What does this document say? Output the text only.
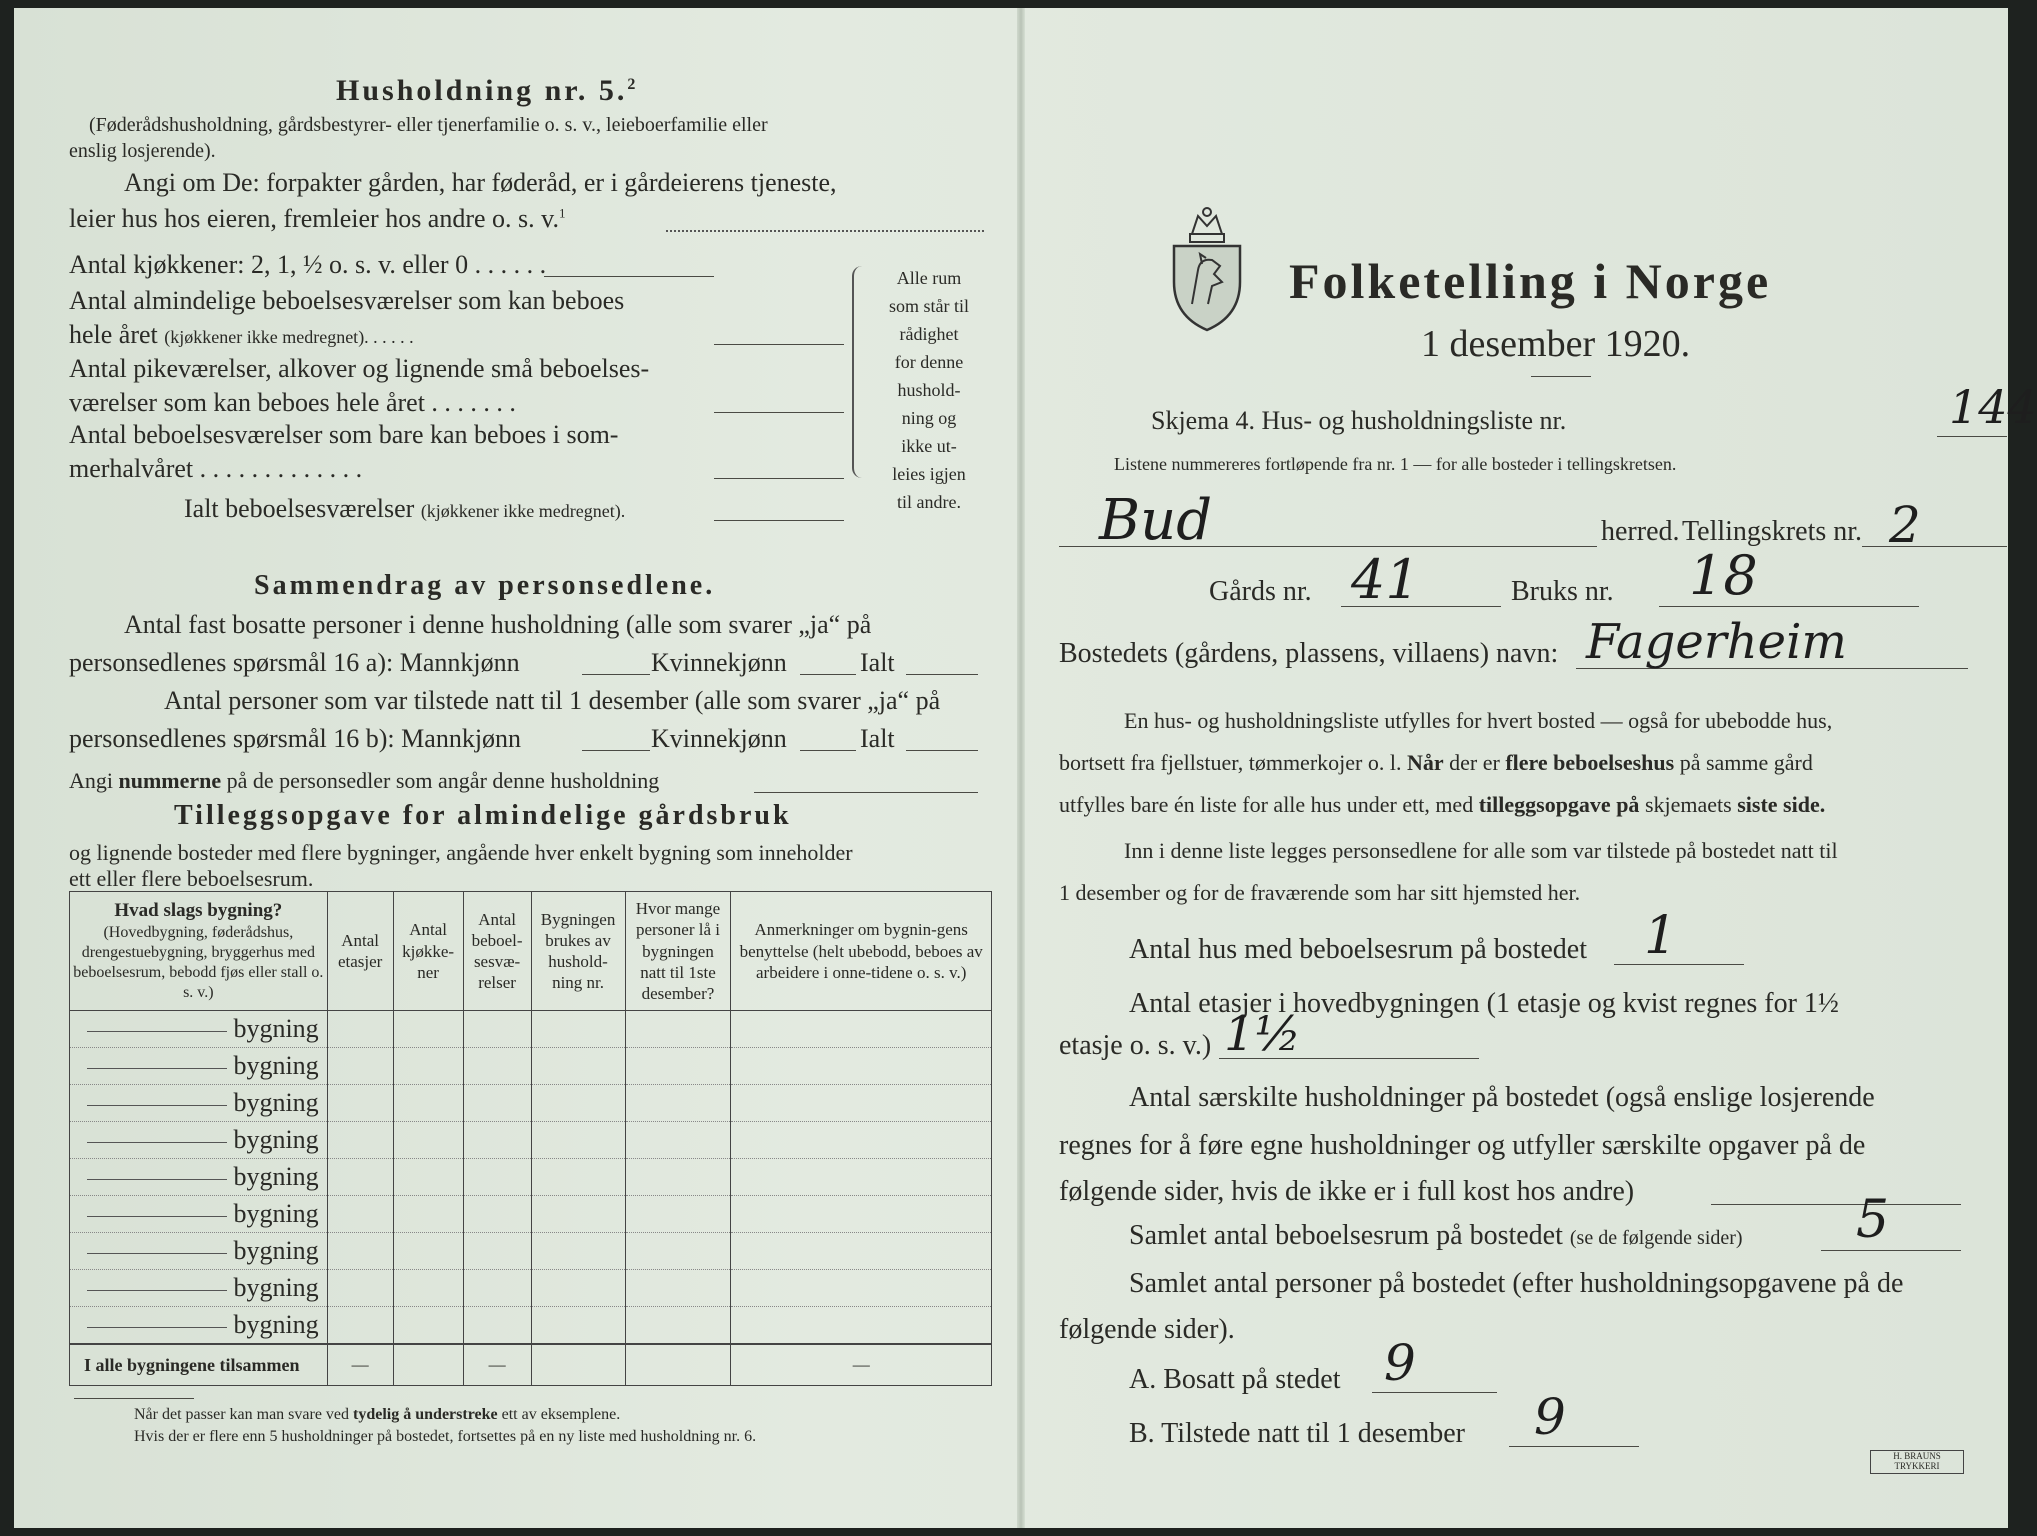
Husholdning nr. 5.$^2$
(Føderådshusholdning, gårdsbestyrer- eller tjenerfamilie o. s. v., leieboerfamilie eller
enslig losjerende).
Angi om De: forpakter gården, har føderåd, er i gårdeierens tjeneste,
leier hus hos eieren, fremleier hos andre o. s. v.$^1$
Antal kjøkkener: 2, 1, ½ o. s. v. eller 0 . . . . . .
Antal almindelige beboelsesværelser som kan beboes
hele året (kjøkkener ikke medregnet). . . . . .
Antal pikeværelser, alkover og lignende små beboelses-
værelser som kan beboes hele året . . . . . . .
Antal beboelsesværelser som bare kan beboes i som-
merhalvåret . . . . . . . . . . . . .
Ialt beboelsesværelser (kjøkkener ikke medregnet).
Alle rum
som står til
rådighet
for denne
hushold-
ning og
ikke ut-
leies igjen
til andre.
Sammendrag av personsedlene.
Antal fast bosatte personer i denne husholdning (alle som svarer „ja“ på
personsedlenes spørsmål 16 a): Mannkjønn	Kvinnekjønn	Ialt
Antal personer som var tilstede natt til 1 desember (alle som svarer „ja“ på
personsedlenes spørsmål 16 b): Mannkjønn	Kvinnekjønn	Ialt
Angi nummerne på de personsedler som angår denne husholdning
Tilleggsopgave for almindelige gårdsbruk
og lignende bosteder med flere bygninger, angående hver enkelt bygning som inneholder
ett eller flere beboelsesrum.
Hvad slags bygning?
(Hovedbygning, føderådshus, drengestuebygning, bryggerhus med beboelsesrum, bebodd fjøs eller stall o. s. v.)	Antal etasjer	Antal kjøkke-ner	Antal beboel-sesvæ-relser	Bygningen brukes av hushold-ning nr.	Hvor mange personer lå i bygningen natt til 1ste desember?	Anmerkninger om bygnin-gens benyttelse (helt ubebodd, beboes av arbeidere i onne-tidene o. s. v.)
bygning						
bygning						
bygning						
bygning						
bygning						
bygning						
bygning						
bygning						
bygning						
I alle bygningene tilsammen	—		—			—
Når det passer kan man svare ved tydelig å understreke ett av eksemplene.
Hvis der er flere enn 5 husholdninger på bostedet, fortsettes på en ny liste med husholdning nr. 6.
Folketelling i Norge
1 desember 1920.
Skjema 4. Hus- og husholdningsliste nr.	144
Listene nummereres fortløpende fra nr. 1 — for alle bosteder i tellingskretsen.
Bud	herred. Tellingskrets nr. 2
Gårds nr. 41	Bruks nr. 18
Bostedets (gårdens, plassens, villaens) navn: Fagerheim
En hus- og husholdningsliste utfylles for hvert bosted — også for ubebodde hus,
bortsett fra fjellstuer, tømmerkojer o. l. Når der er flere beboelseshus på samme gård
utfylles bare én liste for alle hus under ett, med tilleggsopgave på skjemaets siste side.
Inn i denne liste legges personsedlene for alle som var tilstede på bostedet natt til
1 desember og for de fraværende som har sitt hjemsted her.
Antal hus med beboelsesrum på bostedet 1
Antal etasjer i hovedbygningen (1 etasje og kvist regnes for 1½
etasje o. s. v.) 1½
Antal særskilte husholdninger på bostedet (også enslige losjerende
regnes for å føre egne husholdninger og utfyller særskilte opgaver på de
følgende sider, hvis de ikke er i full kost hos andre)
Samlet antal beboelsesrum på bostedet (se de følgende sider) 5
Samlet antal personer på bostedet (efter husholdningsopgavene på de
følgende sider).
A. Bosatt på stedet 9
B. Tilstede natt til 1 desember 9
H. BRAUNS TRYKKERI
